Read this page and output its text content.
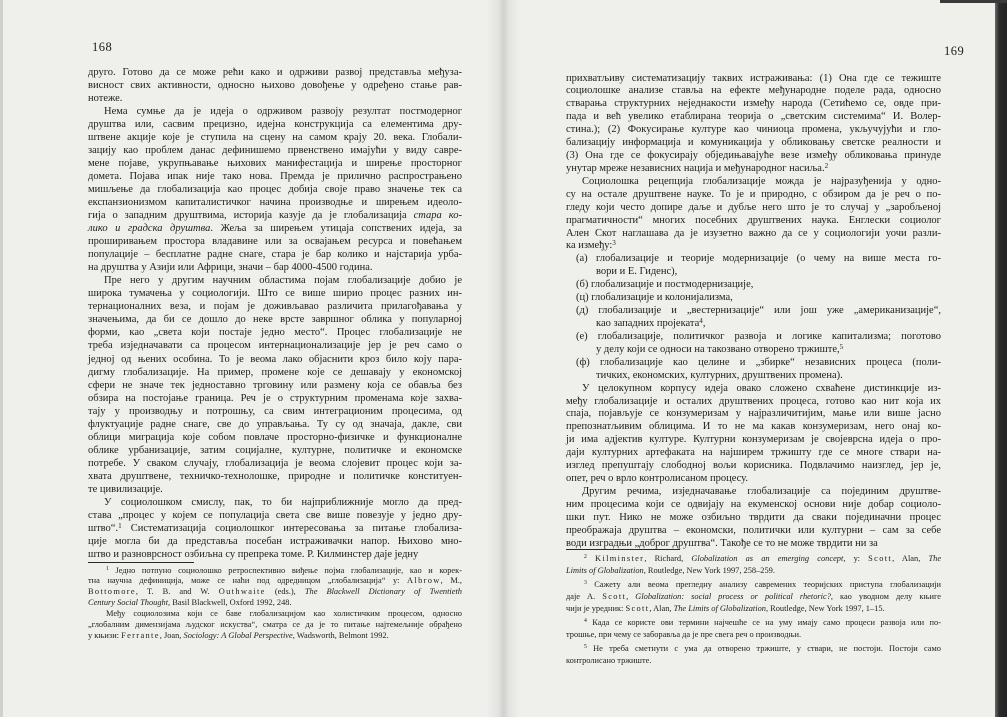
168
друго. Готово да се може рећи како и одрживи развој представља међуза-
висност свих активности, односно њихово довођење у одређено стање рав-
нотеже.
Нема сумње да је идеја о одрживом развоју резултат постмодерног
друштва или, сасвим прецизно, идејна конструкција са елементима дру-
штвене акције које је ступила на сцену на самом крају 20. века. Глобали-
зацију као проблем данас дефинишемо првенствено имајући у виду савре-
мене појаве, укрупњавање њихових манифестација и ширење просторног
домета. Појава ипак није тако нова. Премда је прилично распрострањено
мишљење да глобализација као процес добија своје право значење тек са
експанзионизмом капиталистичког начина производње и ширењем идеоло-
гија о западним друштвима, историја казује да је глобализација стара ко-
лико и градска друштва. Жеља за ширењем утицаја сопствених идеја, за
проширивањем простора владавине или за освајањем ресурса и повећањем
популације – бесплатне радне снаге, стара је бар колико и најстарија урба-
на друштва у Азији или Африци, значи – бар 4000-4500 година.
Пре него у другим научним областима појам глобализације добио је
широка тумачења у социологији. Што се више ширио процес разних ин-
тернационалних веза, и појам је доживљавао различита прилагођавања у
значењима, да би се дошло до неке врсте завршног облика у популарној
форми, као „света који постаје једно место“. Процес глобализације не
треба изједначавати са процесом интернационализације јер је реч само о
једној од њених особина. То је веома лако објаснити кроз било коју пара-
дигму глобализације. На пример, промене које се дешавају у економској
сфери не значе тек једноставно трговину или размену која се обавља без
обзира на постојање граница. Реч је о структурним променама које захва-
тају у производњу и потрошњу, са свим интеграционим процесима, од
флуктуације радне снаге, све до управљања. Ту су од значаја, дакле, сви
облици миграција које собом повлаче просторно-физичке и функционалне
облике урбанизације, затим социјалне, културне, политичке и економске
потребе. У сваком случају, глобализација је веома слојевит процес који за-
хвата друштвене, техничко-технолошке, природне и политичке конституен-
те цивилизације.
У социолошком смислу, пак, то би најприближније могло да пред-
става „процес у којем се популација света све више повезује у једно дру-
штво“.$^1$ Систематизација социолошког интересовања за питање глобализа-
ције могла би да представља посебан истраживачки напор. Њихово мно-
штво и разноврсност озбиљна су препрека томе. Р. Килминстер даје једну
$^1$ Једно потпуно социолошко ретроспективно виђење појма глобализације, као и корек-
тна научна дефиниција, може се наћи под одредницом „глобализација“ у: Albrow, M.,
Bottomore, T. B. and W. Outhwaite (eds.), The Blackwell Dictionary of Twentieth
Century Social Thought, Basil Blackwell, Oxford 1992, 248.
Међу социолозима који се баве глобализацијом као холистичким процесом, односно
„глобалним димензијама људског искуства“, сматра се да је то питање најтемељније обрађено
у књизи: Ferrante, Joan, Sociology: A Global Perspective, Wadsworth, Belmont 1992.
169
прихватљиву систематизацију таквих истраживања: (1) Она где се тежиште
социолошке анализе ставља на ефекте међународне поделе рада, односно
стварања структурних неједнакости између народа (Сетићемо се, овде при-
пада и већ увелико етаблирана теорија о „светским системима“ И. Волер-
стина.); (2) Фокусирање културе као чиниоца промена, укључујући и гло-
бализацију информација и комуникација у обликовању светске реалности и
(3) Она где се фокусирају обједињавајуће везе између обликовања принуде
унутар мреже независних нација и међународног насиља.$^2$
Социолошка рецепција глобализације можда је најразуђенија у одно-
су на остале друштвене науке. То је и природно, с обзиром да је реч о по-
гледу који често допире даље и дубље него што је то случај у „заробљеној
прагматичности“ многих посебних друштвених наука. Енглески социолог
Ален Скот наглашава да је изузетно важно да се у социологији уочи разли-
ка између:$^3$
(а) глобализације и теорије модернизације (о чему на више места го-
вори и Е. Гиденс),
(б) глобализације и постмодернизације,
(ц) глобализације и колонијализма,
(д) глобализације и „вестернизације“ или још уже „американизације“,
као западних пројеката$^4$,
(е) глобализације, политичког развоја и логике капитализма; поготово
у делу који се односи на такозвано отворено тржиште,$^5$
(ф) глобализације као целине и „збирке“ независних процеса (поли-
тичких, економских, културних, друштвених промена).
У целокупном корпусу идеја овако сложено схваћене дистинкције из-
међу глобализације и осталих друштвених процеса, готово као нит која их
спаја, појављује се конзумеризам у најразличитијим, мање или више јасно
препознатљивим облицима. И то не ма какав конзумеризам, него онај ко-
ји има адјектив културе. Културни конзумеризам је својеврсна идеја о про-
даји културних артефаката на најширем тржишту где се многе ствари на-
изглед препуштају слободној вољи корисника. Подвлачимо наизглед, јер је,
опет, реч о врло контролисаном процесу.
Другим речима, изједначавање глобализације са појединим друштве-
ним процесима који се одвијају на екуменској основи није добар социоло-
шки пут. Нико не може озбиљно тврдити да сваки појединачни процес
преображаја друштва – економски, политички или културни – сам за себе
води изградњи „доброг друштва“. Такође се то не може тврдити ни за
$^2$ Kilminster, Richard, Globalization as an emerging concept, у: Scott, Alan, The
Limits of Globalization, Routledge, New York 1997, 258–259.
$^3$ Сажету али веома прегледну анализу савремених теоријских приступа глобализацији
даје A. Scott, Globalization: social process or political rhetoric?, као уводном делу књиге
чији је уредник: Scott, Alan, The Limits of Globalization, Routledge, New York 1997, 1–15.
$^4$ Када се користе ови термини најчешће се на уму имају само процеси развоја или по-
трошње, при чему се заборавља да је пре свега реч о производњи.
$^5$ Не треба сметнути с ума да отворено тржиште, у ствари, не постоји. Постоји само
контролисано тржиште.
